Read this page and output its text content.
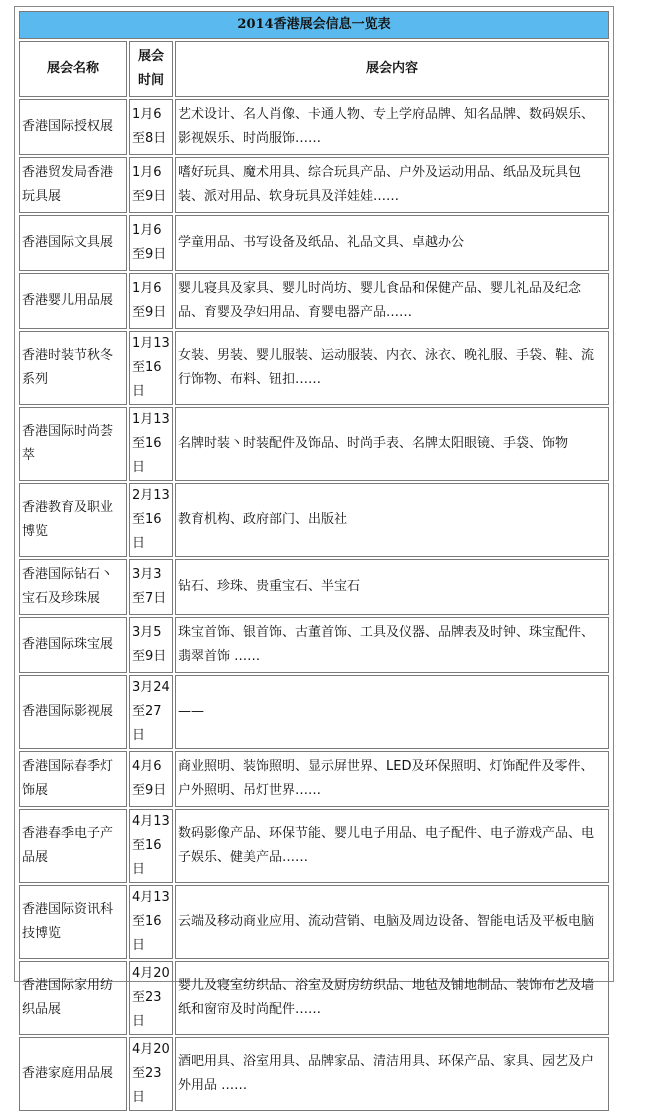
2014香港展会信息一览表		
展会名称	展会时间	展会内容
香港国际授权展	1月6至8日	艺术设计、名人肖像、卡通人物、专上学府品牌、知名品牌、数码娱乐、影视娱乐、时尚服饰……
香港贸发局香港玩具展	1月6至9日	嗜好玩具、魔术用具、综合玩具产品、户外及运动用品、纸品及玩具包装、派对用品、软身玩具及洋娃娃……
香港国际文具展	1月6至9日	学童用品、书写设备及纸品、礼品文具、卓越办公
香港婴儿用品展	1月6至9日	婴儿寝具及家具、婴儿时尚坊、婴儿食品和保健产品、婴儿礼品及纪念品、育婴及孕妇用品、育婴电器产品……
香港时装节秋冬系列	1月13至16日	女装、男装、婴儿服装、运动服装、内衣、泳衣、晚礼服、手袋、鞋、流行饰物、布料、钮扣……
香港国际时尚荟萃	1月13至16日	名牌时装丶时装配件及饰品、时尚手表、名牌太阳眼镜、手袋、饰物
香港教育及职业博览	2月13至16日	教育机构、政府部门、出版社
香港国际钻石丶宝石及珍珠展	3月3至7日	钻石、珍珠、贵重宝石、半宝石
香港国际珠宝展	3月5至9日	珠宝首饰、银首饰、古董首饰、工具及仪器、品牌表及时钟、珠宝配件、翡翠首饰 ……
香港国际影视展	3月24至27日	——
香港国际春季灯饰展	4月6至9日	商业照明、装饰照明、显示屏世界、LED及环保照明、灯饰配件及零件、户外照明、吊灯世界……
香港春季电子产品展	4月13至16日	数码影像产品、环保节能、婴儿电子用品、电子配件、电子游戏产品、电子娱乐、健美产品……
香港国际资讯科技博览	4月13至16日	云端及移动商业应用、流动营销、电脑及周边设备、智能电话及平板电脑
香港国际家用纺织品展	4月20至23日	婴儿及寝室纺织品、浴室及厨房纺织品、地毡及铺地制品、装饰布艺及墙纸和窗帘及时尚配件……
香港家庭用品展	4月20至23日	酒吧用具、浴室用具、品牌家品、清洁用具、环保产品、家具、园艺及户外用品 ……
